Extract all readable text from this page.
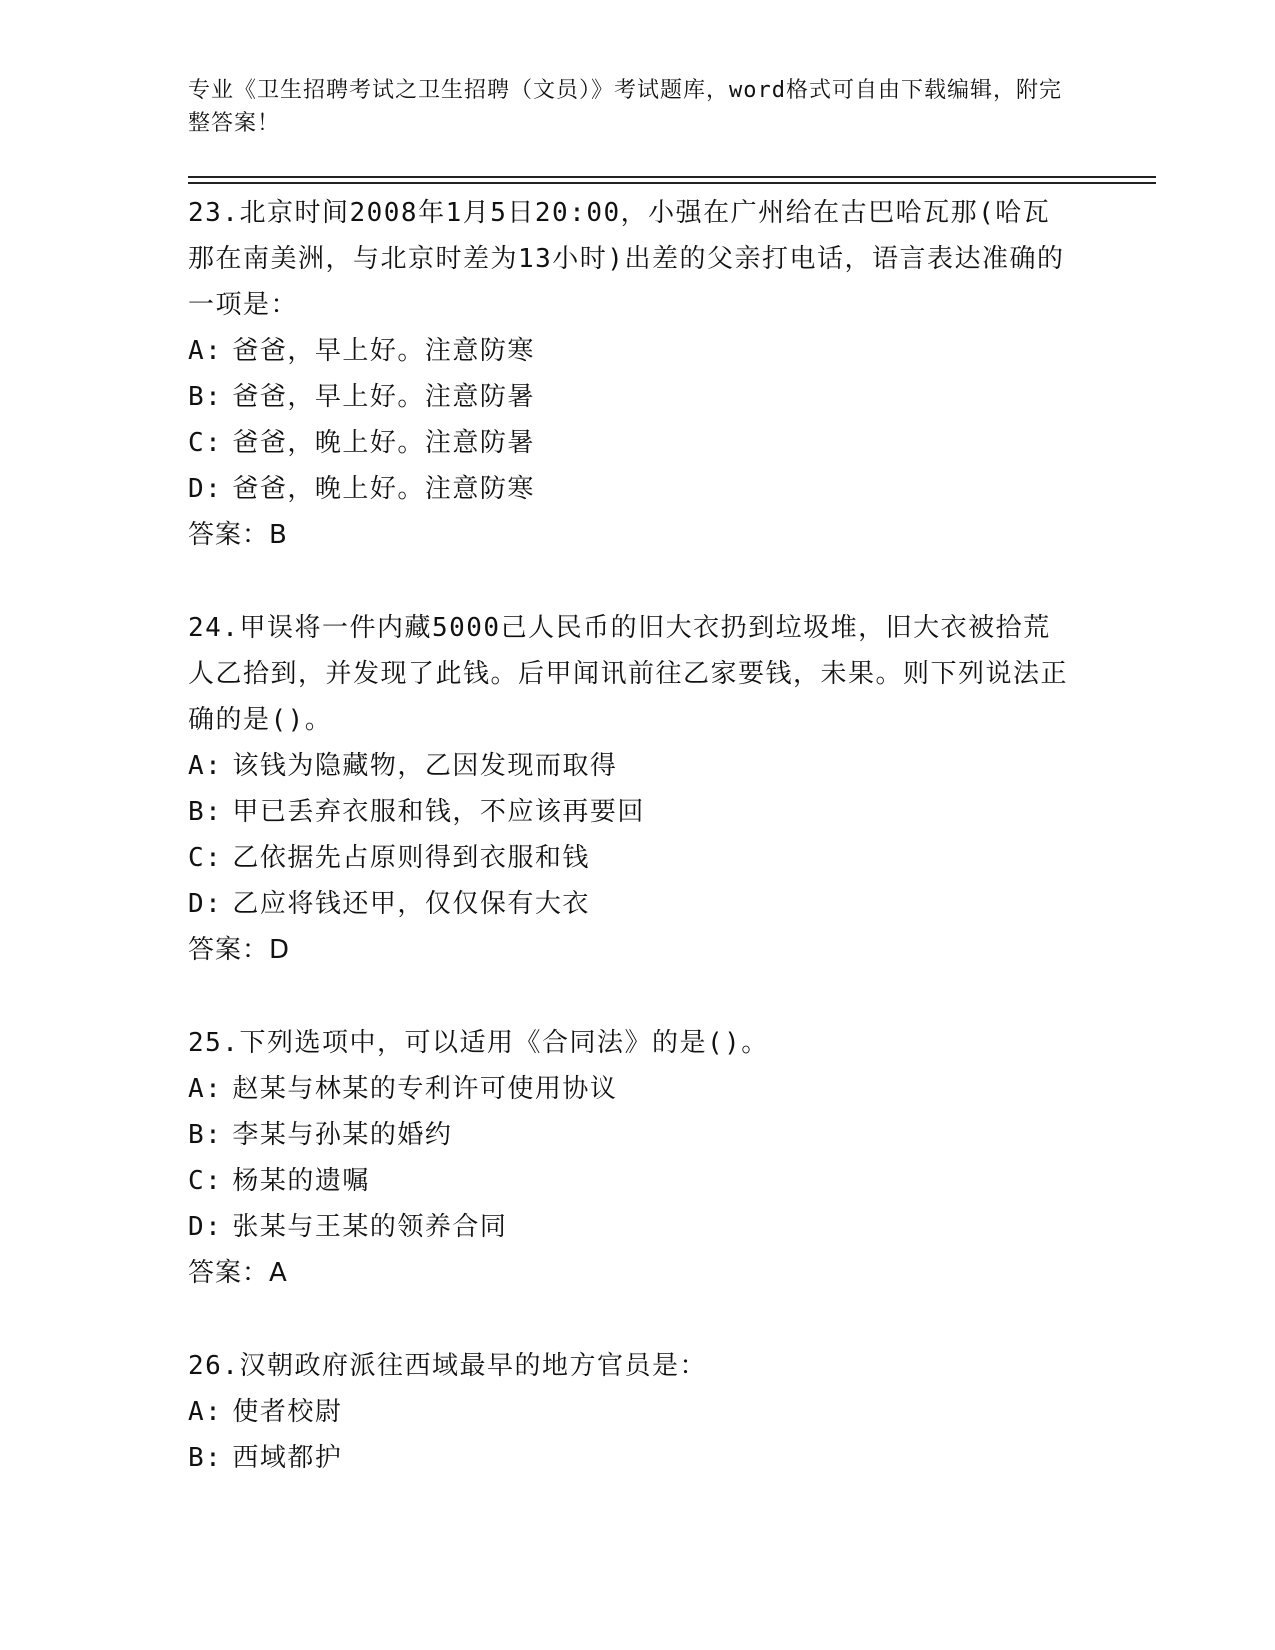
专业《卫生招聘考试之卫生招聘（文员）》考试题库，word格式可自由下载编辑，附完整答案！
23.北京时间2008年1月5日20:00，小强在广州给在古巴哈瓦那(哈瓦那在南美洲，与北京时差为13小时)出差的父亲打电话，语言表达准确的一项是：
A: 爸爸，早上好。注意防寒
B: 爸爸，早上好。注意防暑
C: 爸爸，晚上好。注意防暑
D: 爸爸，晚上好。注意防寒
答案：B
24.甲误将一件内藏5000己人民币的旧大衣扔到垃圾堆，旧大衣被拾荒人乙拾到，并发现了此钱。后甲闻讯前往乙家要钱，未果。则下列说法正确的是()。
A: 该钱为隐藏物，乙因发现而取得
B: 甲已丢弃衣服和钱，不应该再要回
C: 乙依据先占原则得到衣服和钱
D: 乙应将钱还甲，仅仅保有大衣
答案：D
25.下列选项中，可以适用《合同法》的是()。
A: 赵某与林某的专利许可使用协议
B: 李某与孙某的婚约
C: 杨某的遗嘱
D: 张某与王某的领养合同
答案：A
26.汉朝政府派往西域最早的地方官员是：
A: 使者校尉
B: 西域都护
